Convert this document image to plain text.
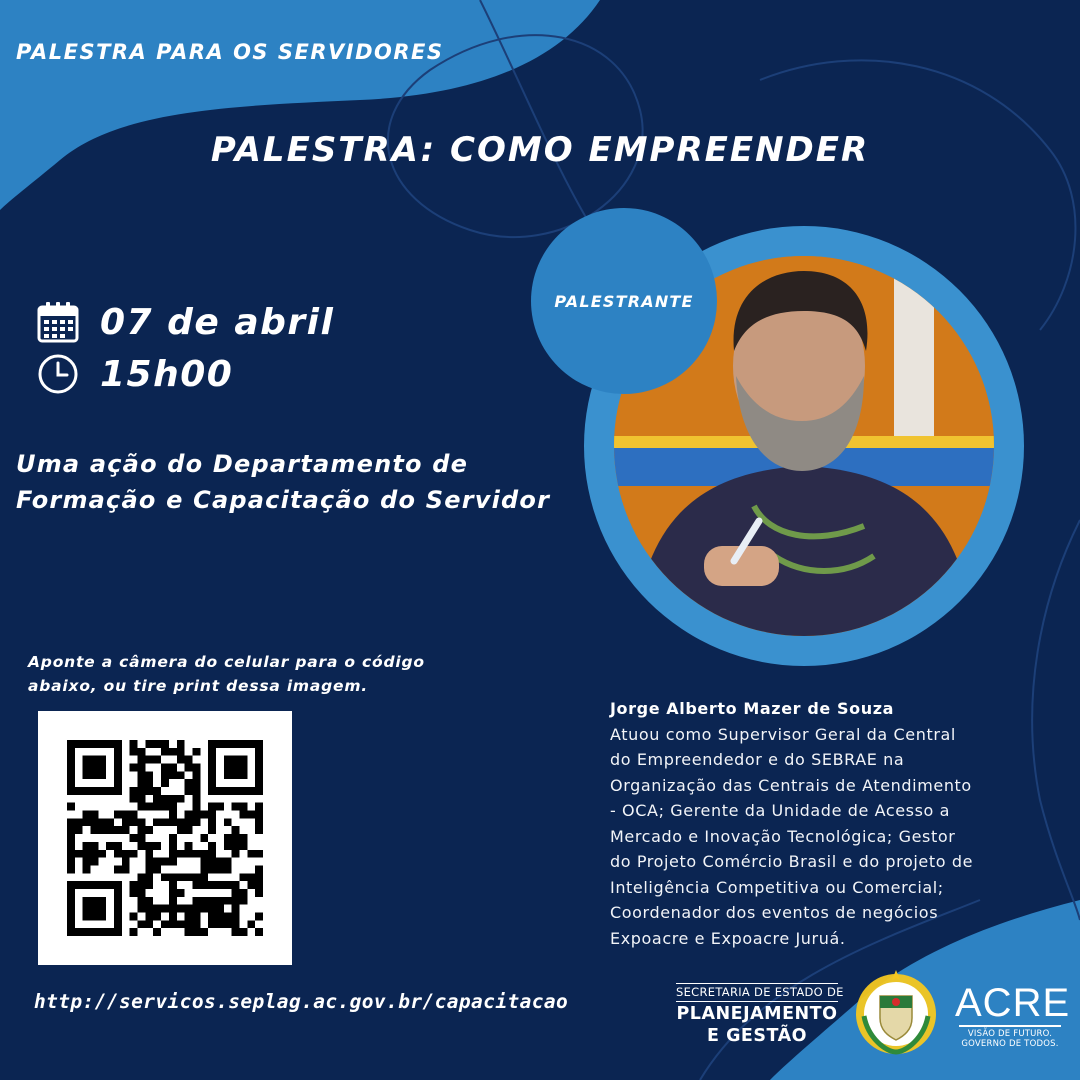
PALESTRA PARA OS SERVIDORES
PALESTRA: COMO EMPREENDER
07 de abril
15h00
Uma ação do Departamento de
Formação e Capacitação do Servidor
PALESTRANTE
Aponte a câmera do celular para o código
abaixo, ou tire print dessa imagem.
http://servicos.seplag.ac.gov.br/capacitacao
Jorge Alberto Mazer de Souza
Atuou como Supervisor Geral da Central
do Empreendedor e do SEBRAE na
Organização das Centrais de Atendimento
- OCA; Gerente da Unidade de Acesso a
Mercado e Inovação Tecnológica; Gestor
do Projeto Comércio Brasil e do projeto de
Inteligência Competitiva ou Comercial;
Coordenador dos eventos de negócios
Expoacre e Expoacre Juruá.
SECRETARIA DE ESTADO DE
PLANEJAMENTO
E GESTÃO
ACRE
VISÃO DE FUTURO.
GOVERNO DE TODOS.
